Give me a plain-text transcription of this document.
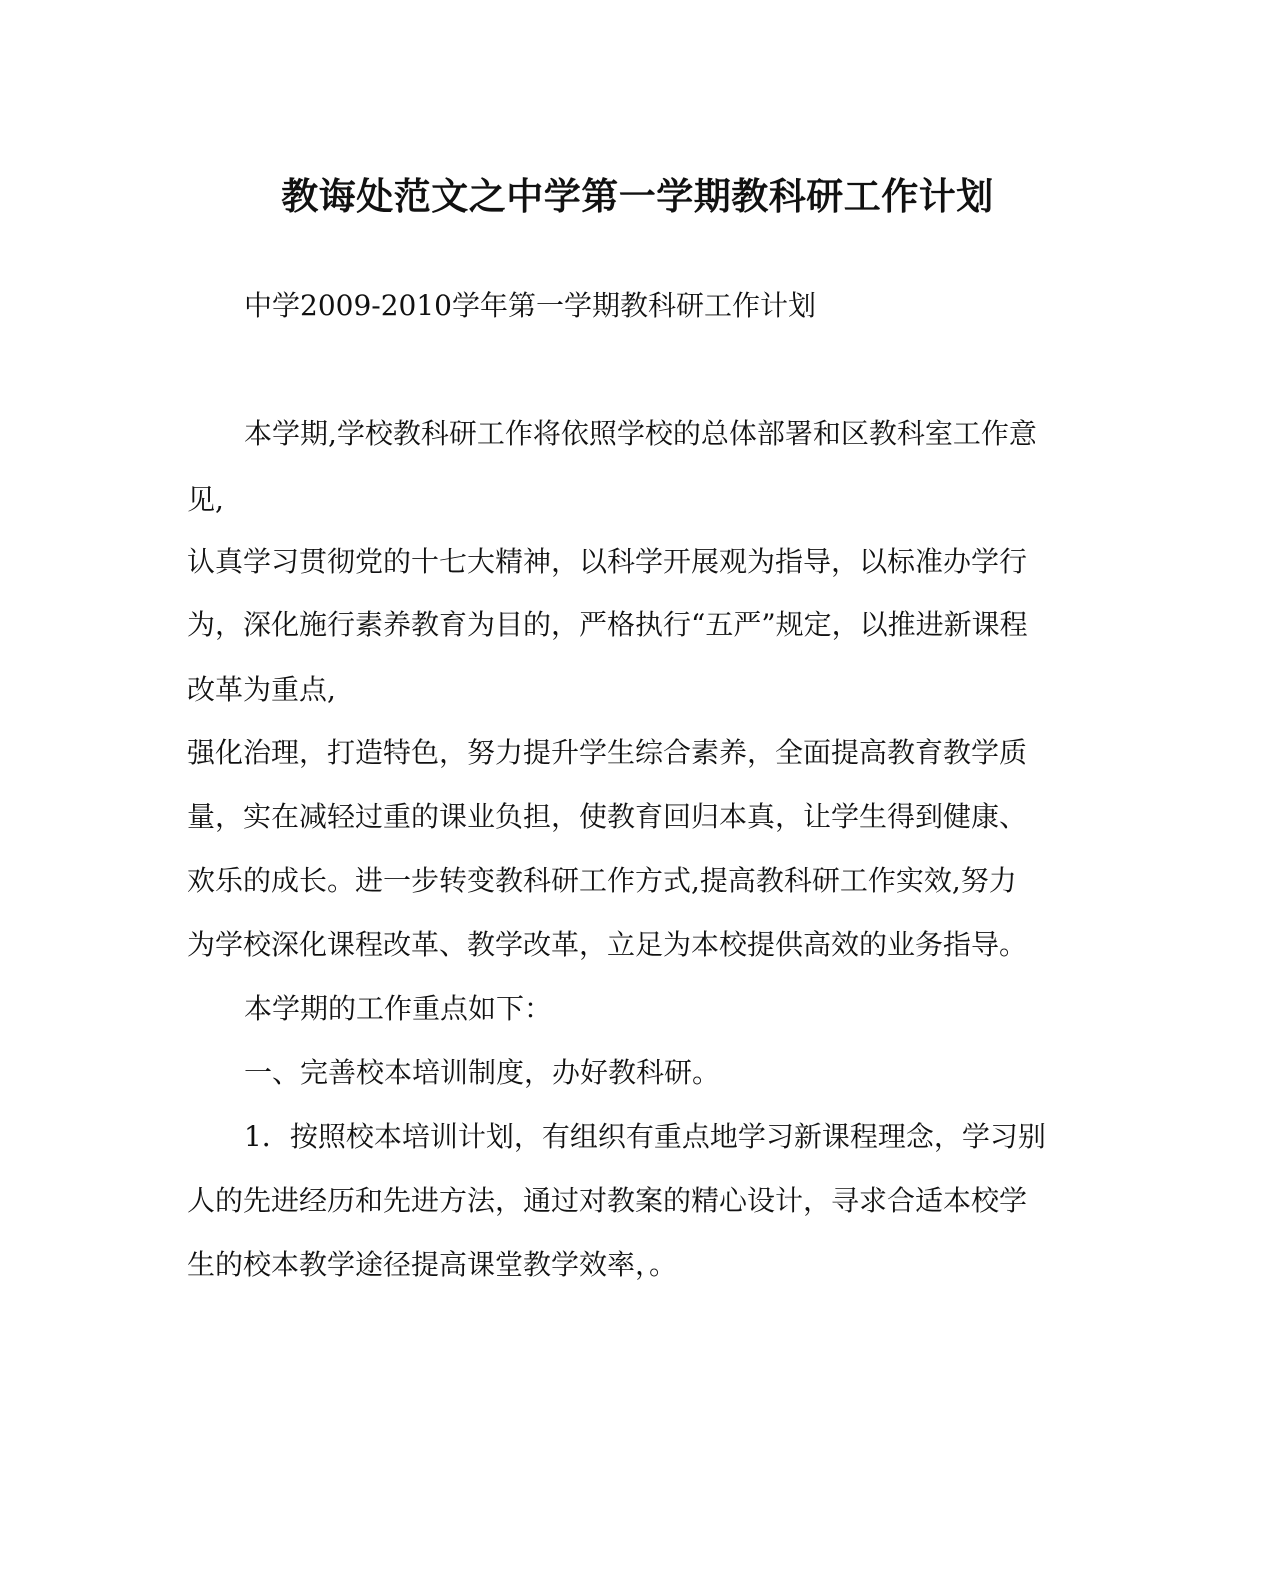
教诲处范文之中学第一学期教科研工作计划

中学2009-2010学年第一学期教科研工作计划

本学期,学校教科研工作将依照学校的总体部署和区教科室工作意

见,

认真学习贯彻党的十七大精神，以科学开展观为指导，以标准办学行

为，深化施行素养教育为目的，严格执行“五严”规定，以推进新课程

改革为重点,

强化治理，打造特色，努力提升学生综合素养，全面提高教育教学质

量，实在减轻过重的课业负担，使教育回归本真，让学生得到健康、

欢乐的成长。进一步转变教科研工作方式,提高教科研工作实效,努力

为学校深化课程改革、教学改革，立足为本校提供高效的业务指导。

本学期的工作重点如下：

一、完善校本培训制度，办好教科研。

1．按照校本培训计划，有组织有重点地学习新课程理念，学习别

人的先进经历和先进方法，通过对教案的精心设计，寻求合适本校学

生的校本教学途径提高课堂教学效率，。
